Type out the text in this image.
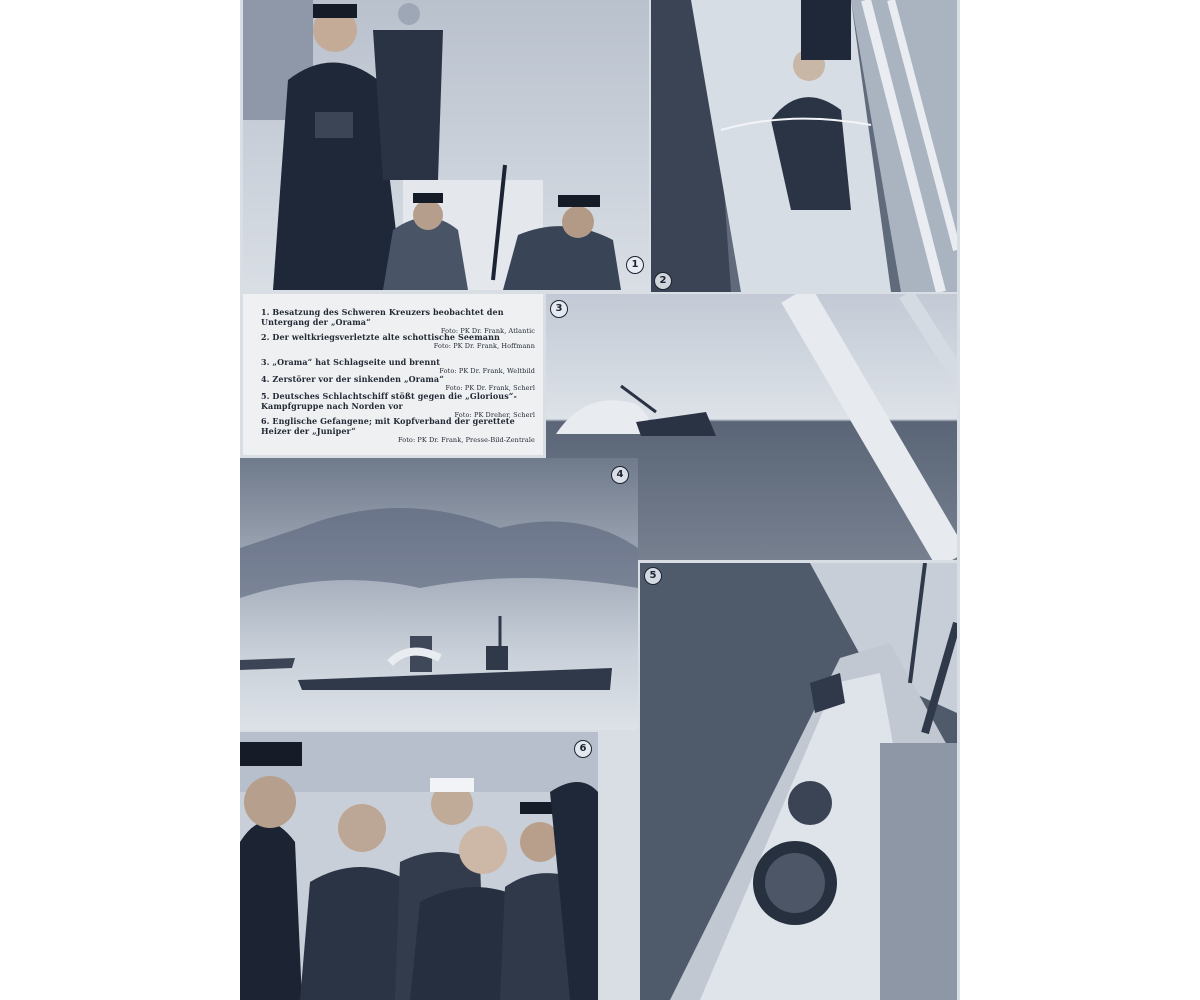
1
2
1. Besatzung des Schweren Kreuzers beobachtet den Untergang der „Orama“
Foto: PK Dr. Frank, Atlantic
2. Der weltkriegsverletzte alte schottische Seemann
Foto: PK Dr. Frank, Hoffmann
3. „Orama“ hat Schlagseite und brennt
Foto: PK Dr. Frank, Weltbild
4. Zerstörer vor der sinkenden „Orama“
Foto: PK Dr. Frank, Scherl
5. Deutsches Schlachtschiff stößt gegen die „Glorious“-Kampfgruppe nach Norden vor
Foto: PK Dreher, Scherl
6. Englische Gefangene; mit Kopfverband der gerettete Heizer der „Juniper“
Foto: PK Dr. Frank, Presse-Bild-Zentrale
3
4
5
6
